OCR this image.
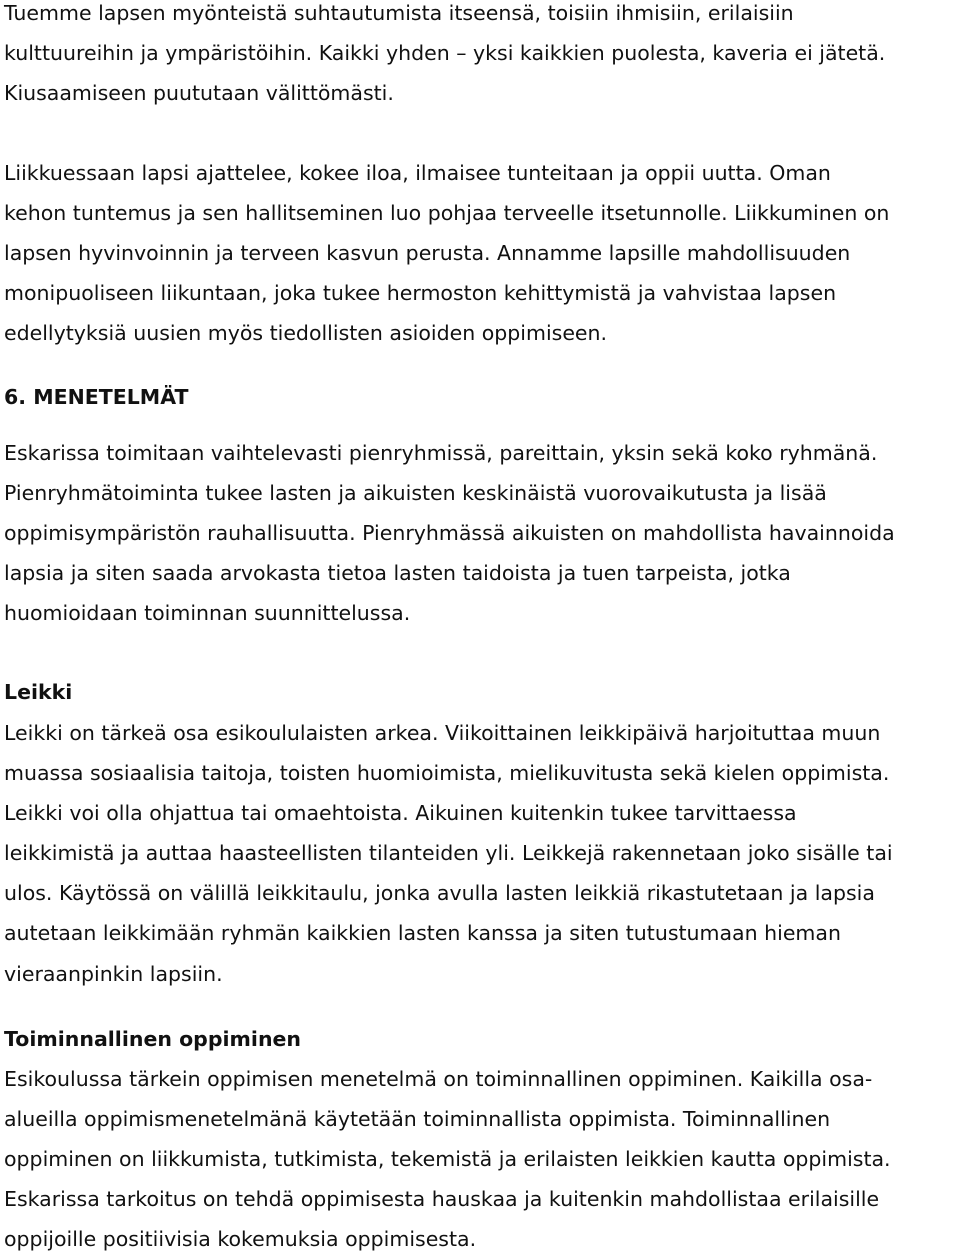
Tuemme lapsen myönteistä suhtautumista itseensä, toisiin ihmisiin, erilaisiin
kulttuureihin ja ympäristöihin. Kaikki yhden – yksi kaikkien puolesta, kaveria ei jätetä.
Kiusaamiseen puututaan välittömästi.
Liikkuessaan lapsi ajattelee, kokee iloa, ilmaisee tunteitaan ja oppii uutta. Oman
kehon tuntemus ja sen hallitseminen luo pohjaa terveelle itsetunnolle. Liikkuminen on
lapsen hyvinvoinnin ja terveen kasvun perusta. Annamme lapsille mahdollisuuden
monipuoliseen liikuntaan, joka tukee hermoston kehittymistä ja vahvistaa lapsen
edellytyksiä uusien myös tiedollisten asioiden oppimiseen.
6. MENETELMÄT
Eskarissa toimitaan vaihtelevasti pienryhmissä, pareittain, yksin sekä koko ryhmänä.
Pienryhmätoiminta tukee lasten ja aikuisten keskinäistä vuorovaikutusta ja lisää
oppimisympäristön rauhallisuutta. Pienryhmässä aikuisten on mahdollista havainnoida
lapsia ja siten saada arvokasta tietoa lasten taidoista ja tuen tarpeista, jotka
huomioidaan toiminnan suunnittelussa.
Leikki
Leikki on tärkeä osa esikoululaisten arkea. Viikoittainen leikkipäivä harjoituttaa muun
muassa sosiaalisia taitoja, toisten huomioimista, mielikuvitusta sekä kielen oppimista.
Leikki voi olla ohjattua tai omaehtoista. Aikuinen kuitenkin tukee tarvittaessa
leikkimistä ja auttaa haasteellisten tilanteiden yli. Leikkejä rakennetaan joko sisälle tai
ulos. Käytössä on välillä leikkitaulu, jonka avulla lasten leikkiä rikastutetaan ja lapsia
autetaan leikkimään ryhmän kaikkien lasten kanssa ja siten tutustumaan hieman
vieraanpinkin lapsiin.
Toiminnallinen oppiminen
Esikoulussa tärkein oppimisen menetelmä on toiminnallinen oppiminen. Kaikilla osa-
alueilla oppimismenetelmänä käytetään toiminnallista oppimista. Toiminnallinen
oppiminen on liikkumista, tutkimista, tekemistä ja erilaisten leikkien kautta oppimista.
Eskarissa tarkoitus on tehdä oppimisesta hauskaa ja kuitenkin mahdollistaa erilaisille
oppijoille positiivisia kokemuksia oppimisesta.
